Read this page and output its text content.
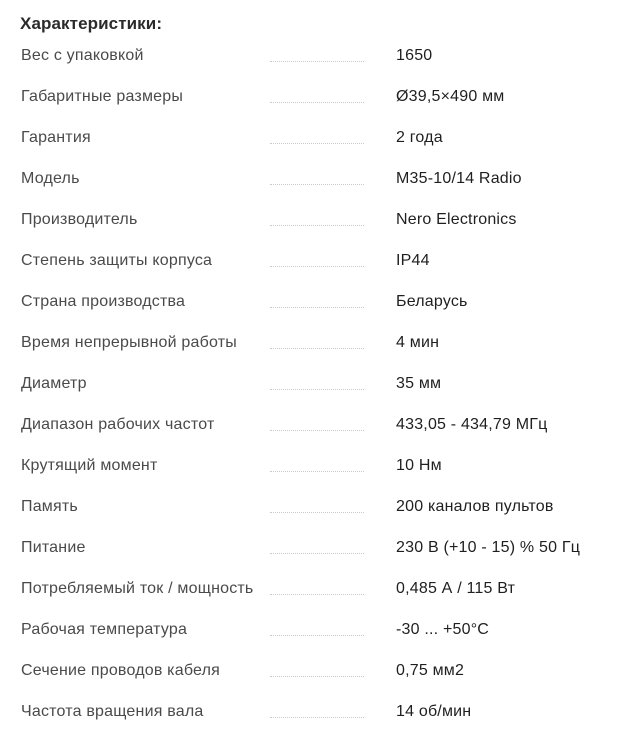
Характеристики:
Вес с упаковкой	1650
Габаритные размеры	Ø39,5×490 мм
Гарантия	2 года
Модель	М35-10/14 Radio
Производитель	Nero Electronics
Степень защиты корпуса	IP44
Страна производства	Беларусь
Время непрерывной работы	4 мин
Диаметр	35 мм
Диапазон рабочих частот	433,05 - 434,79 МГц
Крутящий момент	10 Нм
Память	200 каналов пультов
Питание	230 В (+10 - 15) % 50 Гц
Потребляемый ток / мощность	0,485 А / 115 Вт
Рабочая температура	-30 ... +50°С
Сечение проводов кабеля	0,75 мм2
Частота вращения вала	14 об/мин
